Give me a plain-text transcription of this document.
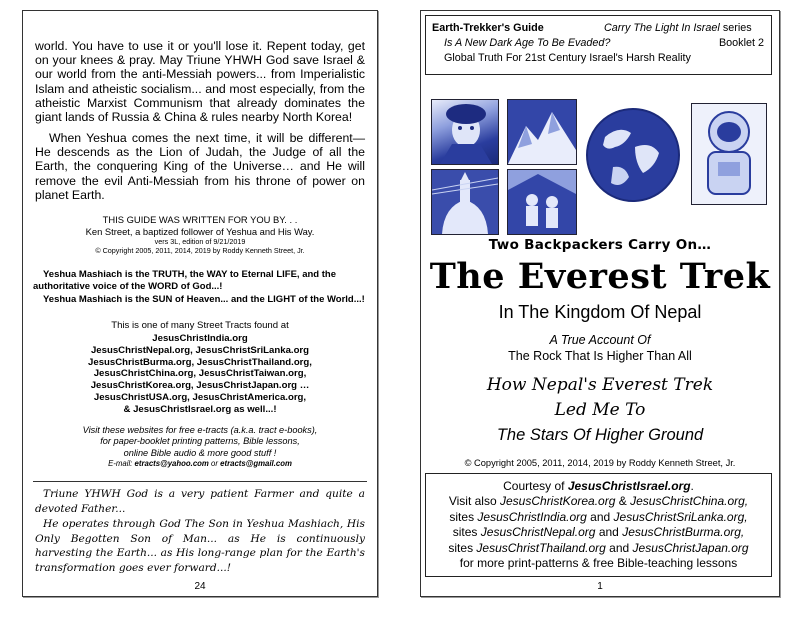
world. You have to use it or you'll lose it. Repent today, get on your knees & pray. May Triune YHWH God save Israel & our world from the anti-Messiah powers... from Imperialistic Islam and atheistic socialism... and most especially, from the atheistic Marxist Communism that already dominates the giant lands of Russia & China & rules nearby North Korea!

When Yeshua comes the next time, it will be different— He descends as the Lion of Judah, the Judge of all the Earth, the conquering King of the Universe… and He will remove the evil Anti-Messiah from his throne of power on planet Earth.

THIS GUIDE WAS WRITTEN FOR YOU BY. . .
Ken Street, a baptized follower of Yeshua and His Way.
vers 3L, edition of 9/21/2019
© Copyright 2005, 2011, 2014, 2019 by Roddy Kenneth Street, Jr.

Yeshua Mashiach is the TRUTH, the WAY to Eternal LIFE, and the authoritative voice of the WORD of God...!

Yeshua Mashiach is the SUN of Heaven... and the LIGHT of the World...!

This is one of many Street Tracts found at
JesusChristIndia.org
JesusChristNepal.org, JesusChristSriLanka.org
JesusChristBurma.org, JesusChristThailand.org,
JesusChristChina.org, JesusChristTaiwan.org,
JesusChristKorea.org, JesusChristJapan.org …
JesusChristUSA.org, JesusChristAmerica.org,
& JesusChristIsrael.org as well...!
Visit these websites for free e-tracts (a.k.a. tract e-books),
for paper-booklet printing patterns, Bible lessons,
online Bible audio & more good stuff !
E-mail: etracts@yahoo.com or etracts@gmail.com

Triune YHWH God is a very patient Farmer and quite a devoted Father...

He operates through God The Son in Yeshua Mashiach, His Only Begotten Son of Man... as He is continuously harvesting the Earth... as His long-range plan for the Earth's transformation goes ever forward...!

24
Earth-Trekker's Guide	Carry The Light In Israel series
Is A New Dark Age To Be Evaded?	Booklet 2
Global Truth For 21st Century Israel's Harsh Reality
Two Backpackers Carry On…
The Everest Trek
In The Kingdom Of Nepal
A True Account Of
The Rock That Is Higher Than All
How Nepal's Everest Trek
Led Me To
The Stars Of Higher Ground
© Copyright 2005, 2011, 2014, 2019 by Roddy Kenneth Street, Jr.
Courtesy of JesusChristIsrael.org.
Visit also JesusChristKorea.org & JesusChristChina.org,
sites JesusChristIndia.org and JesusChristSriLanka.org,
sites JesusChristNepal.org and JesusChristBurma.org,
sites JesusChristThailand.org and JesusChristJapan.org
for more print-patterns & free Bible-teaching lessons
1
